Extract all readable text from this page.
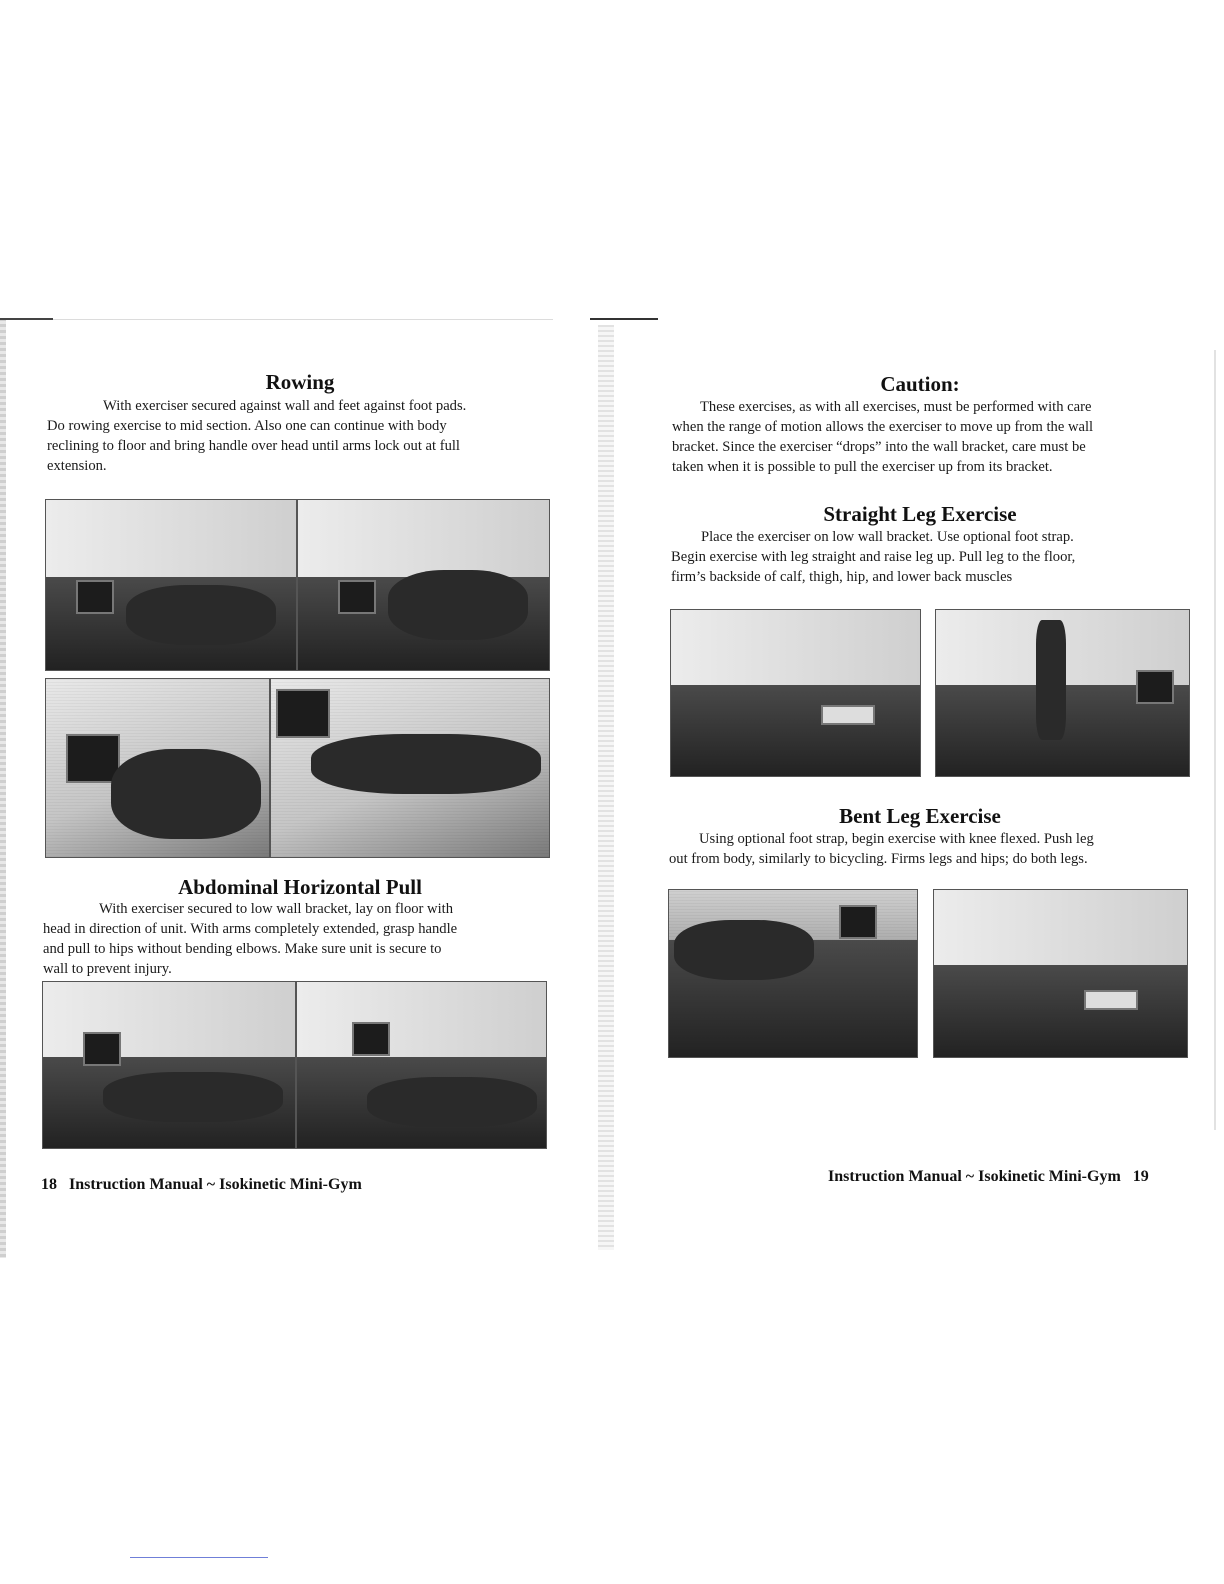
Rowing

With exerciser secured against wall and feet against foot pads.

Do rowing exercise to mid section. Also one can continue with body

reclining to floor and bring handle over head until arms lock out at full

extension.

Abdominal Horizontal Pull

With exerciser secured to low wall bracket, lay on floor with

head in direction of unit. With arms completely extended, grasp handle

and pull to hips without bending elbows. Make sure unit is secure to

wall to prevent injury.

18 Instruction Manual ~ Isokinetic Mini-Gym
Caution:

These exercises, as with all exercises, must be performed with care

when the range of motion allows the exerciser to move up from the wall

bracket. Since the exerciser “drops” into the wall bracket, care must be

taken when it is possible to pull the exerciser up from its bracket.

Straight Leg Exercise

Place the exerciser on low wall bracket. Use optional foot strap.

Begin exercise with leg straight and raise leg up. Pull leg to the floor,

firm’s backside of calf, thigh, hip, and lower back muscles

Bent Leg Exercise

Using optional foot strap, begin exercise with knee flexed. Push leg

out from body, similarly to bicycling. Firms legs and hips; do both legs.

Instruction Manual ~ Isokinetic Mini-Gym 19
